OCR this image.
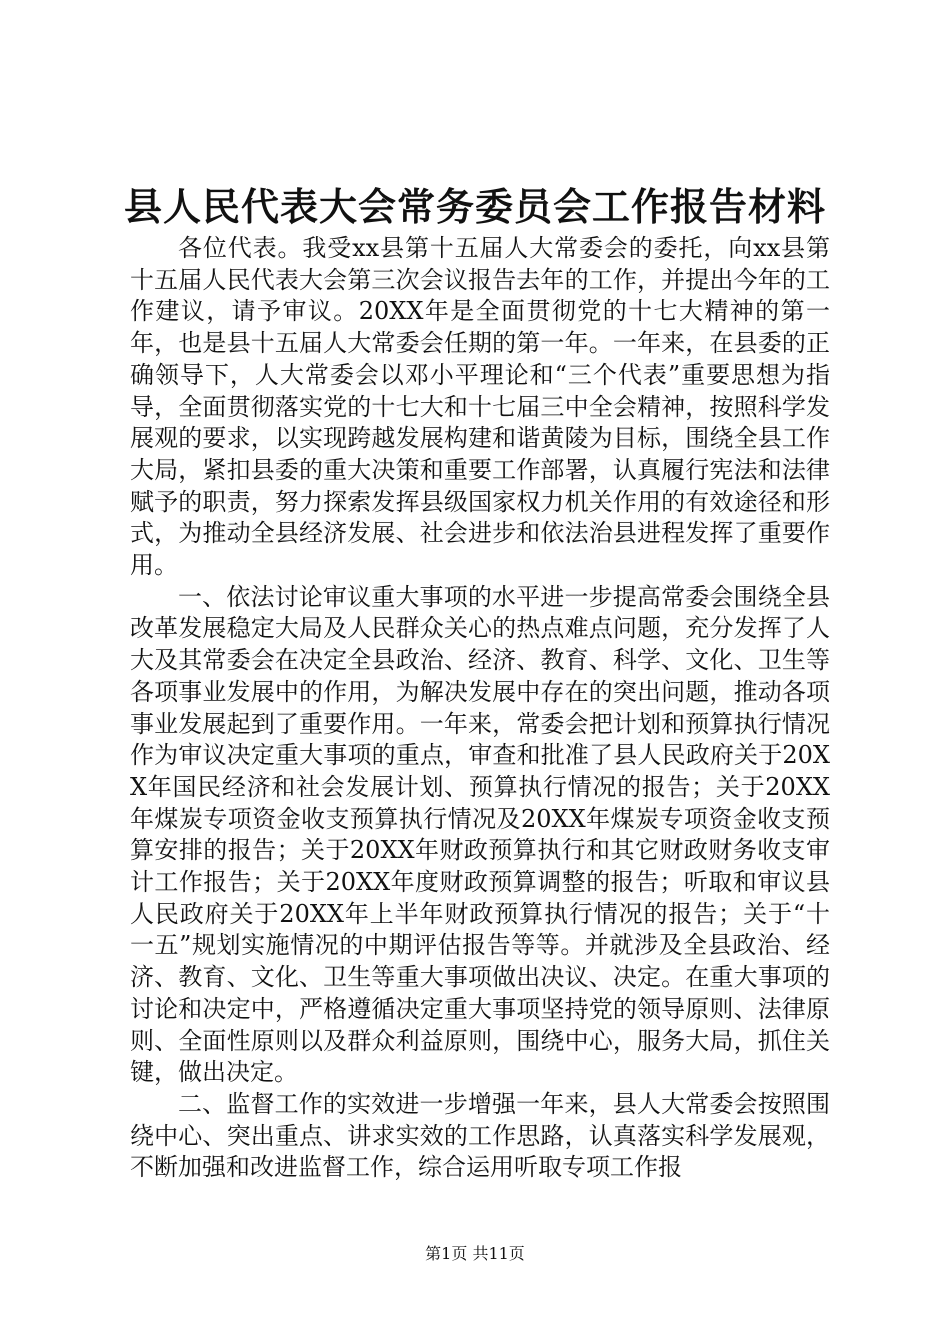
县人民代表大会常务委员会工作报告材料

各位代表。我受xx县第十五届人大常委会的委托，向xx县第十五届人民代表大会第三次会议报告去年的工作，并提出今年的工作建议，请予审议。20XX年是全面贯彻党的十七大精神的第一年，也是县十五届人大常委会任期的第一年。一年来，在县委的正确领导下，人大常委会以邓小平理论和“三个代表”重要思想为指导，全面贯彻落实党的十七大和十七届三中全会精神，按照科学发展观的要求，以实现跨越发展构建和谐黄陵为目标，围绕全县工作大局，紧扣县委的重大决策和重要工作部署，认真履行宪法和法律赋予的职责，努力探索发挥县级国家权力机关作用的有效途径和形式，为推动全县经济发展、社会进步和依法治县进程发挥了重要作用。

一、依法讨论审议重大事项的水平进一步提高常委会围绕全县改革发展稳定大局及人民群众关心的热点难点问题，充分发挥了人大及其常委会在决定全县政治、经济、教育、科学、文化、卫生等各项事业发展中的作用，为解决发展中存在的突出问题，推动各项事业发展起到了重要作用。一年来，常委会把计划和预算执行情况作为审议决定重大事项的重点，审查和批准了县人民政府关于20XX年国民经济和社会发展计划、预算执行情况的报告；关于20XX年煤炭专项资金收支预算执行情况及20XX年煤炭专项资金收支预算安排的报告；关于20XX年财政预算执行和其它财政财务收支审计工作报告；关于20XX年度财政预算调整的报告；听取和审议县人民政府关于20XX年上半年财政预算执行情况的报告；关于“十一五”规划实施情况的中期评估报告等等。并就涉及全县政治、经济、教育、文化、卫生等重大事项做出决议、决定。在重大事项的讨论和决定中，严格遵循决定重大事项坚持党的领导原则、法律原则、全面性原则以及群众利益原则，围绕中心，服务大局，抓住关键，做出决定。

二、监督工作的实效进一步增强一年来，县人大常委会按照围绕中心、突出重点、讲求实效的工作思路，认真落实科学发展观，不断加强和改进监督工作，综合运用听取专项工作报

第1页 共11页
